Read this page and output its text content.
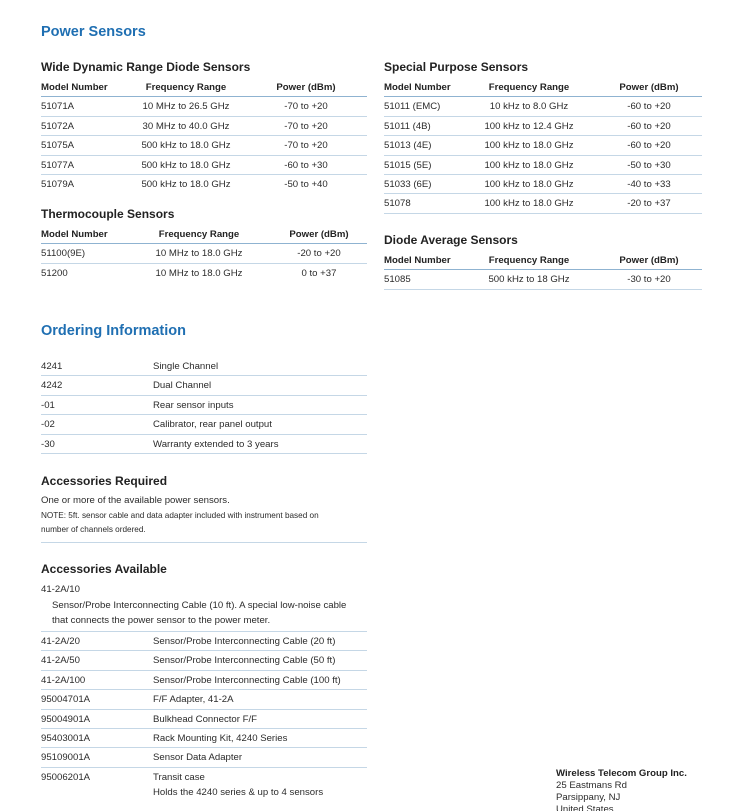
Power Sensors
Wide Dynamic Range Diode Sensors
Model Number	Frequency Range	Power (dBm)
51071A	10 MHz to 26.5 GHz	-70 to +20
51072A	30 MHz to 40.0 GHz	-70 to +20
51075A	500 kHz to 18.0 GHz	-70 to +20
51077A	500 kHz to 18.0 GHz	-60 to +30
51079A	500 kHz to 18.0 GHz	-50 to +40
Thermocouple Sensors
Model Number	Frequency Range	Power (dBm)
51100(9E)	10 MHz to 18.0 GHz	-20 to +20
51200	10 MHz to 18.0 GHz	0 to +37
Special Purpose Sensors
Model Number	Frequency Range	Power (dBm)
51011 (EMC)	10 kHz to 8.0 GHz	-60 to +20
51011 (4B)	100 kHz to 12.4 GHz	-60 to +20
51013 (4E)	100 kHz to 18.0 GHz	-60 to +20
51015 (5E)	100 kHz to 18.0 GHz	-50 to +30
51033 (6E)	100 kHz to 18.0 GHz	-40 to +33
51078	100 kHz to 18.0 GHz	-20 to +37
Diode Average Sensors
Model Number	Frequency Range	Power (dBm)
51085	500 kHz to 18 GHz	-30 to +20
Ordering Information
4241	Single Channel
4242	Dual Channel
-01	Rear sensor inputs
-02	Calibrator, rear panel output
-30	Warranty extended to 3 years
Accessories Required
One or more of the available power sensors.
NOTE: 5ft. sensor cable and data adapter included with instrument based on
number of channels ordered.
Accessories Available
41-2A/10
Sensor/Probe Interconnecting Cable (10 ft). A special low-noise cable
that connects the power sensor to the power meter.
41-2A/20	Sensor/Probe Interconnecting Cable (20 ft)
41-2A/50	Sensor/Probe Interconnecting Cable (50 ft)
41-2A/100	Sensor/Probe Interconnecting Cable (100 ft)
95004701A	F/F Adapter, 41-2A
95004901A	Bulkhead Connector F/F
95403001A	Rack Mounting Kit, 4240 Series
95109001A	Sensor Data Adapter
95006201A	Transit case
Holds the 4240 series & up to 4 sensors
Wireless Telecom Group Inc.
25 Eastmans Rd
Parsippany, NJ
United States
